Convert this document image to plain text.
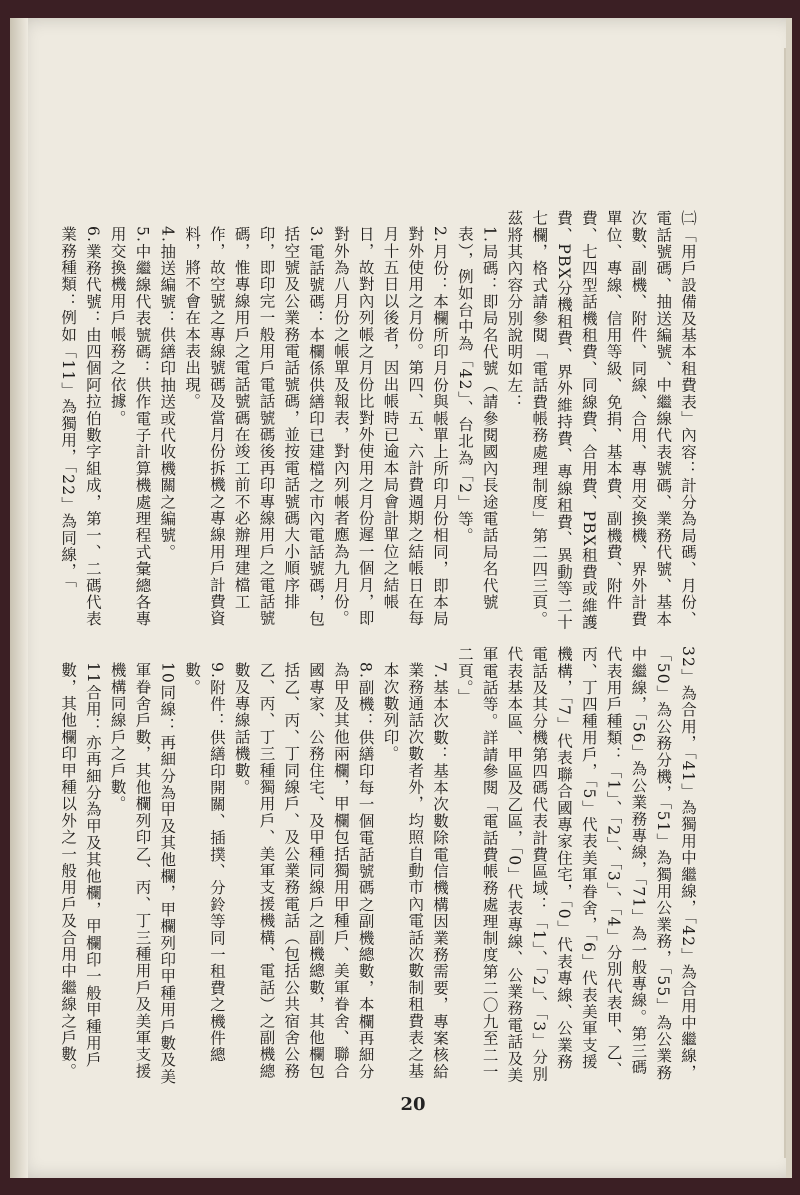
㈡「用戶設備及基本租費表」內容：計分為局碼、月份、電話號碼、抽送編號、中繼線代表號碼、業務代號、基本次數、副機、附件、同線、合用、專用交換機、界外計費單位、專線、信用等級、免捐、基本費、副機費、附件費、七四型話機租費、同線費、合用費、PBX租費或維護費、PBX分機租費、界外維持費、專線租費、異動等二十七欄，格式請參閱「電話費帳務處理制度」第二四三頁。茲將其內容分別說明如左：

1.局碼：即局名代號（請參閱國內長途電話局名代號表），例如台中為「42」、台北為「2」等。

2.月份：本欄所印月份與帳單上所印月份相同，即本局對外使用之月份。第四、五、六計費週期之結帳日在每月十五日以後者，因出帳時已逾本局會計單位之結帳日，故對內列帳之月份比對外使用之月份遲一個月，即對外為八月份之帳單及報表，對內列帳者應為九月份。

3.電話號碼：本欄係供繕印已建檔之市內電話號碼，包括空號及公業務電話號碼，並按電話號碼大小順序排印，即印完一般用戶電話號碼後再印專線用戶之電話號碼，惟專線用戶之電話號碼在竣工前不必辦理建檔工作，故空號之專線號碼及當月份拆機之專線用戶計費資料，將不會在本表出現。

4.抽送編號：供繕印抽送或代收機關之編號。

5.中繼線代表號碼：供作電子計算機處理程式彙總各專用交換機用戶帳務之依據。

6.業務代號：由四個阿拉伯數字組成，第一、二碼代表業務種類：例如「11」為獨用，「22」為同線，「

32」為合用，「41」為獨用中繼線，「42」為合用中繼線，「50」為公務分機，「51」為獨用公業務，「55」為公業務中繼線，「56」為公業務專線，「71」為一般專線。第三碼代表用戶種類：「1」、「2」、「3」、「4」分別代表甲、乙、丙、丁四種用戶，「5」代表美軍眷舍，「6」代表美軍支援機構，「7」代表聯合國專家住宅，「0」代表專線、公業務電話及其分機第四碼代表計費區域：「1」、「2」、「3」分別代表基本區、甲區及乙區，「0」代表專線、公業務電話及美軍電話等。詳請參閱「電話費帳務處理制度第二〇九至二一二頁。」

7.基本次數：基本次數除電信機構因業務需要，專案核給業務通話次數者外，均照自動市內電話次數制租費表之基本次數列印。

8.副機：供繕印每一個電話號碼之副機總數，本欄再細分為甲及其他兩欄，甲欄包括獨用甲種戶、美軍眷舍、聯合國專家、公務住宅、及甲種同線戶之副機總數，其他欄包括乙、丙、丁同線戶、及公業務電話（包括公共宿舍公務乙、丙、丁三種獨用戶、美軍支援機構、電話）之副機總數及專線話機數。

9.附件：供繕印開關、插撲、分鈴等同一租費之機件總數。

10同線：再細分為甲及其他欄，甲欄列印甲種用戶數及美軍眷舍戶數，其他欄列印乙、丙、丁三種用戶及美軍支援機構同線戶之戶數。

11合用：亦再細分為甲及其他欄，甲欄印一般甲種用戶數，其他欄印甲種以外之一般用戶及合用中繼線之戶數。

20
